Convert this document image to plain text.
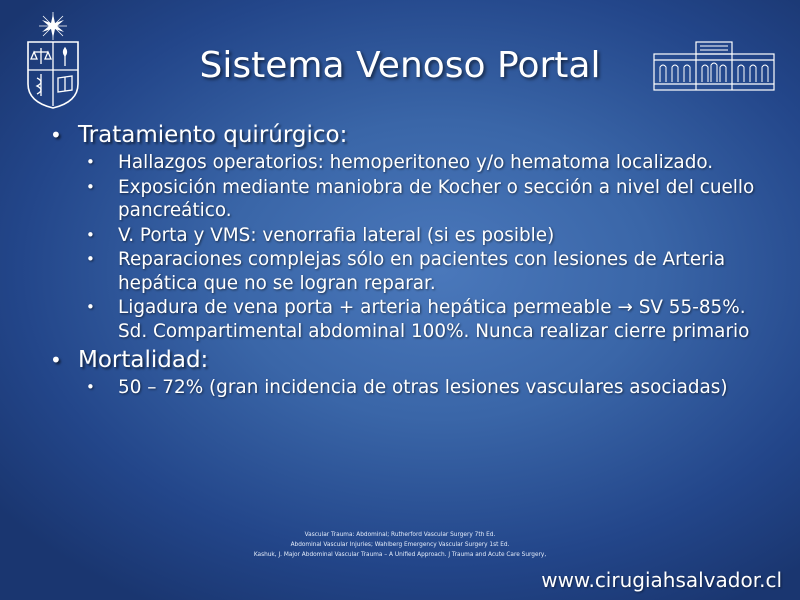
Sistema Venoso Portal
• Tratamiento quirúrgico:
• Hallazgos operatorios: hemoperitoneo y/o hematoma localizado.
• Exposición mediante maniobra de Kocher o sección a nivel del cuello pancreático.
• V. Porta y VMS: venorrafia lateral (si es posible)
• Reparaciones complejas sólo en pacientes con lesiones de Arteria hepática que no se logran reparar.
• Ligadura de vena porta + arteria hepática permeable → SV 55-85%. Sd. Compartimental abdominal 100%. Nunca realizar cierre primario
• Mortalidad:
• 50 – 72% (gran incidencia de otras lesiones vasculares asociadas)
Vascular Trauma: Abdominal; Rutherford Vascular Surgery 7th Ed.
Abdominal Vascular Injuries; Wahlberg Emergency Vascular Surgery 1st Ed.
Kashuk, J. Major Abdominal Vascular Trauma – A Unified Approach. J Trauma and Acute Care Surgery,
www.cirugiahsalvador.cl
